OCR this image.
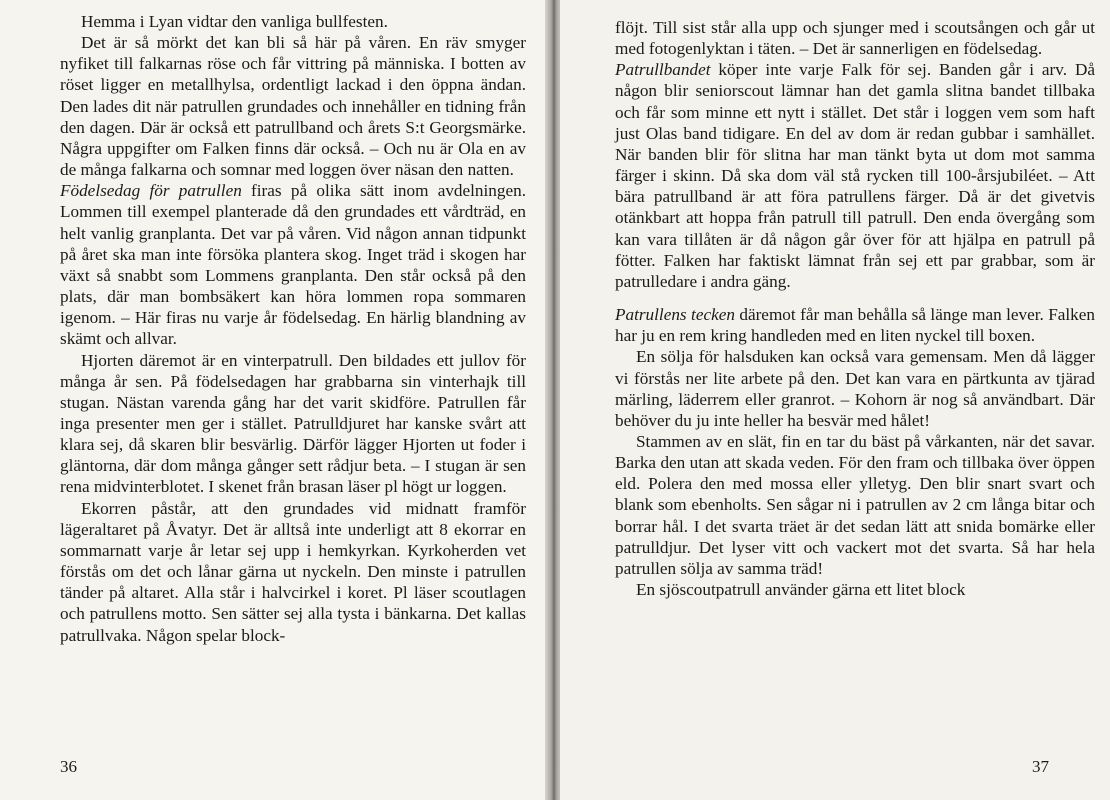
Hemma i Lyan vidtar den vanliga bullfesten.

Det är så mörkt det kan bli så här på våren. En räv smyger nyfiket till falkarnas röse och får vittring på människa. I botten av röset ligger en metallhylsa, ordentligt lackad i den öppna ändan. Den lades dit när patrullen grundades och innehåller en tidning från den dagen. Där är också ett patrullband och årets S:t Georgsmärke. Några uppgifter om Falken finns där också. – Och nu är Ola en av de många falkarna och somnar med loggen över näsan den natten.

Födelsedag för patrullen firas på olika sätt inom avdelningen. Lommen till exempel planterade då den grundades ett vårdträd, en helt vanlig granplanta. Det var på våren. Vid någon annan tidpunkt på året ska man inte försöka plantera skog. Inget träd i skogen har växt så snabbt som Lommens granplanta. Den står också på den plats, där man bombsäkert kan höra lommen ropa sommaren igenom. – Här firas nu varje år födelsedag. En härlig blandning av skämt och allvar.

Hjorten däremot är en vinterpatrull. Den bildades ett jullov för många år sen. På födelsedagen har grabbarna sin vinterhajk till stugan. Nästan varenda gång har det varit skidföre. Patrullen får inga presenter men ger i stället. Patrulldjuret har kanske svårt att klara sej, då skaren blir besvärlig. Därför lägger Hjorten ut foder i gläntorna, där dom många gånger sett rådjur beta. – I stugan är sen rena midvinterblotet. I skenet från brasan läser pl högt ur loggen.

Ekorren påstår, att den grundades vid midnatt framför lägeraltaret på Åvatyr. Det är alltså inte underligt att 8 ekorrar en sommarnatt varje år letar sej upp i hemkyrkan. Kyrkoherden vet förstås om det och lånar gärna ut nyckeln. Den minste i patrullen tänder på altaret. Alla står i halvcirkel i koret. Pl läser scoutlagen och patrullens motto. Sen sätter sej alla tysta i bänkarna. Det kallas patrullvaka. Någon spelar block-

36

flöjt. Till sist står alla upp och sjunger med i scoutsången och går ut med fotogenlyktan i täten. – Det är sannerligen en födelsedag.

Patrullbandet köper inte varje Falk för sej. Banden går i arv. Då någon blir seniorscout lämnar han det gamla slitna bandet tillbaka och får som minne ett nytt i stället. Det står i loggen vem som haft just Olas band tidigare. En del av dom är redan gubbar i samhället. När banden blir för slitna har man tänkt byta ut dom mot samma färger i skinn. Då ska dom väl stå rycken till 100-årsjubiléet. – Att bära patrullband är att föra patrullens färger. Då är det givetvis otänkbart att hoppa från patrull till patrull. Den enda övergång som kan vara tillåten är då någon går över för att hjälpa en patrull på fötter. Falken har faktiskt lämnat från sej ett par grabbar, som är patrulledare i andra gäng.

Patrullens tecken däremot får man behålla så länge man lever. Falken har ju en rem kring handleden med en liten nyckel till boxen.

En sölja för halsduken kan också vara gemensam. Men då lägger vi förstås ner lite arbete på den. Det kan vara en pärtkunta av tjärad märling, läderrem eller granrot. – Kohorn är nog så användbart. Där behöver du ju inte heller ha besvär med hålet!

Stammen av en slät, fin en tar du bäst på vårkanten, när det savar. Barka den utan att skada veden. För den fram och tillbaka över öppen eld. Polera den med mossa eller ylletyg. Den blir snart svart och blank som ebenholts. Sen sågar ni i patrullen av 2 cm långa bitar och borrar hål. I det svarta träet är det sedan lätt att snida bomärke eller patrulldjur. Det lyser vitt och vackert mot det svarta. Så har hela patrullen sölja av samma träd!

En sjöscoutpatrull använder gärna ett litet block

37
